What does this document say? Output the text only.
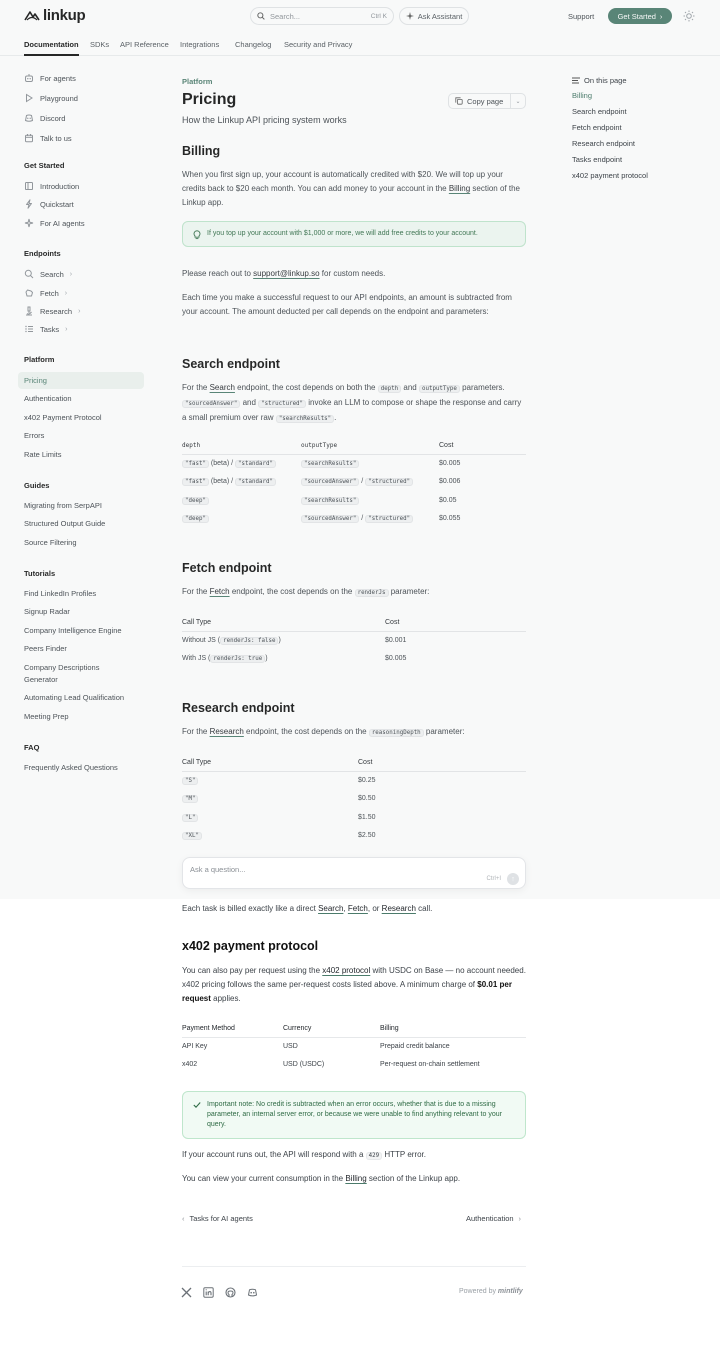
linkup	Search...	Ctrl K	Ask Assistant	Support	Get Started ›
Documentation SDKs API Reference Integrations Changelog Security and Privacy
For agents
Playground
Discord
Talk to us
Get Started
Introduction
Quickstart
For AI agents
Endpoints
Search ›
Fetch ›
Research ›
Tasks ›
Platform
Pricing
Authentication
x402 Payment Protocol
Errors
Rate Limits
Guides
Migrating from SerpAPI
Structured Output Guide
Source Filtering
Tutorials
Find LinkedIn Profiles
Signup Radar
Company Intelligence Engine
Peers Finder
Company Descriptions
Generator
Automating Lead Qualification
Meeting Prep
FAQ
Frequently Asked Questions
Platform
Pricing	Copy page	⌄
How the Linkup API pricing system works
Billing
When you first sign up, your account is automatically credited with $20. We will top up your credits back to $20 each month. You can add money to your account in the Billing section of the Linkup app.
If you top up your account with $1,000 or more, we will add free credits to your account.
Please reach out to support@linkup.so for custom needs.
Each time you make a successful request to our API endpoints, an amount is subtracted from your account. The amount deducted per call depends on the endpoint and parameters:
Search endpoint
For the Search endpoint, the cost depends on both the depth and outputType parameters. "sourcedAnswer" and "structured" invoke an LLM to compose or shape the response and carry a small premium over raw "searchResults" .
depth	outputType	Cost
"fast" (beta) / "standard"	"searchResults"	$0.005
"fast" (beta) / "standard"	"sourcedAnswer" / "structured"	$0.006
"deep"	"searchResults"	$0.05
"deep"	"sourcedAnswer" / "structured"	$0.055
Fetch endpoint
For the Fetch endpoint, the cost depends on the renderJs parameter:
Call Type	Cost
Without JS ( renderJs: false )	$0.001
With JS ( renderJs: true )	$0.005
Research endpoint
For the Research endpoint, the cost depends on the reasoningDepth parameter:
Call Type	Cost
"S"	$0.25
"M"	$0.50
"L"	$1.50
"XL"	$2.50
Ask a question...
Ctrl+I	↑
Each task is billed exactly like a direct Search, Fetch, or Research call.
x402 payment protocol
You can also pay per request using the x402 protocol with USDC on Base — no account needed. x402 pricing follows the same per-request costs listed above. A minimum charge of $0.01 per request applies.
Payment Method	Currency	Billing
API Key	USD	Prepaid credit balance
x402	USD (USDC)	Per-request on-chain settlement
Important note: No credit is subtracted when an error occurs, whether that is due to a missing parameter, an internal server error, or because we were unable to find anything relevant to your query.
If your account runs out, the API will respond with a 429 HTTP error.
You can view your current consumption in the Billing section of the Linkup app.
‹ Tasks for AI agents	Authentication ›
Powered by mintlify
On this page
Billing
Search endpoint
Fetch endpoint
Research endpoint
Tasks endpoint
x402 payment protocol
